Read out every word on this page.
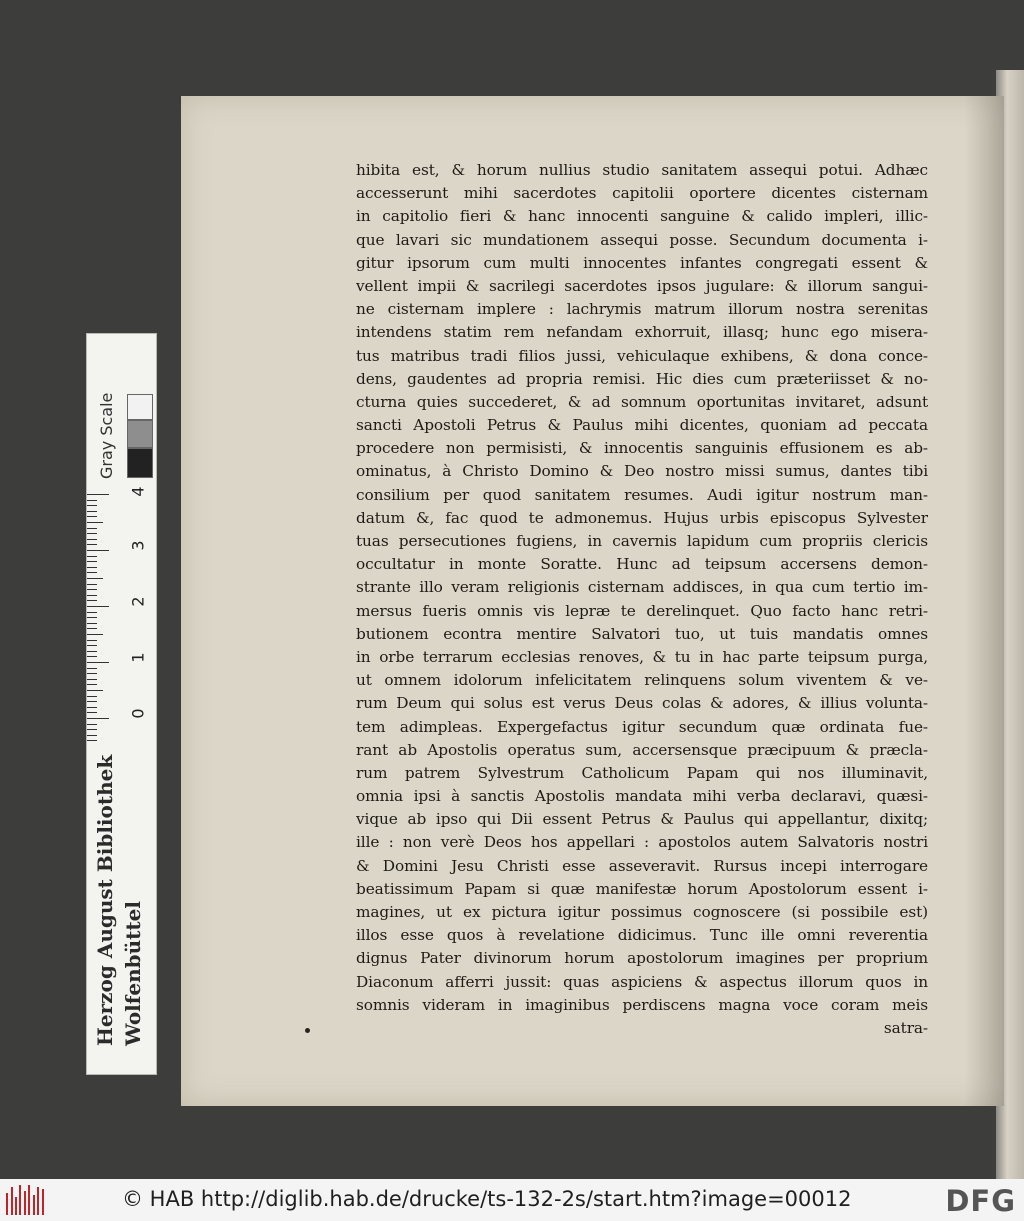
hibita est, & horum nullius studio sanitatem assequi potui. Adhæc
accesserunt mihi sacerdotes capitolii oportere dicentes cisternam
in capitolio fieri & hanc innocenti sanguine & calido impleri, illic-
que lavari sic mundationem assequi posse. Secundum documenta i-
gitur ipsorum cum multi innocentes infantes congregati essent &
vellent impii & sacrilegi sacerdotes ipsos jugulare: & illorum sangui-
ne cisternam implere : lachrymis matrum illorum nostra serenitas
intendens statim rem nefandam exhorruit, illasq; hunc ego misera-
tus matribus tradi filios jussi, vehiculaque exhibens, & dona conce-
dens, gaudentes ad propria remisi. Hic dies cum præteriisset & no-
cturna quies succederet, & ad somnum oportunitas invitaret, adsunt
sancti Apostoli Petrus & Paulus mihi dicentes, quoniam ad peccata
procedere non permisisti, & innocentis sanguinis effusionem es ab-
ominatus, à Christo Domino & Deo nostro missi sumus, dantes tibi
consilium per quod sanitatem resumes. Audi igitur nostrum man-
datum &, fac quod te admonemus. Hujus urbis episcopus Sylvester
tuas persecutiones fugiens, in cavernis lapidum cum propriis clericis
occultatur in monte Soratte. Hunc ad teipsum accersens demon-
strante illo veram religionis cisternam addisces, in qua cum tertio im-
mersus fueris omnis vis lepræ te derelinquet. Quo facto hanc retri-
butionem econtra mentire Salvatori tuo, ut tuis mandatis omnes
in orbe terrarum ecclesias renoves, & tu in hac parte teipsum purga,
ut omnem idolorum infelicitatem relinquens solum viventem & ve-
rum Deum qui solus est verus Deus colas & adores, & illius volunta-
tem adimpleas. Expergefactus igitur secundum quæ ordinata fue-
rant ab Apostolis operatus sum, accersensque præcipuum & præcla-
rum patrem Sylvestrum Catholicum Papam qui nos illuminavit,
omnia ipsi à sanctis Apostolis mandata mihi verba declaravi, quæsi-
vique ab ipso qui Dii essent Petrus & Paulus qui appellantur, dixitq;
ille : non verè Deos hos appellari : apostolos autem Salvatoris nostri
& Domini Jesu Christi esse asseveravit. Rursus incepi interrogare
beatissimum Papam si quæ manifestæ horum Apostolorum essent i-
magines, ut ex pictura igitur possimus cognoscere (si possibile est)
illos esse quos à revelatione didicimus. Tunc ille omni reverentia
dignus Pater divinorum horum apostolorum imagines per proprium
Diaconum afferri jussit: quas aspiciens & aspectus illorum quos in
somnis videram in imaginibus perdiscens magna voce coram meis
satra-
Herzog August Bibliothek Wolfenbüttel
Gray Scale
4
3
2
1
0
© HAB http://diglib.hab.de/drucke/ts-132-2s/start.htm?image=00012	DFG
